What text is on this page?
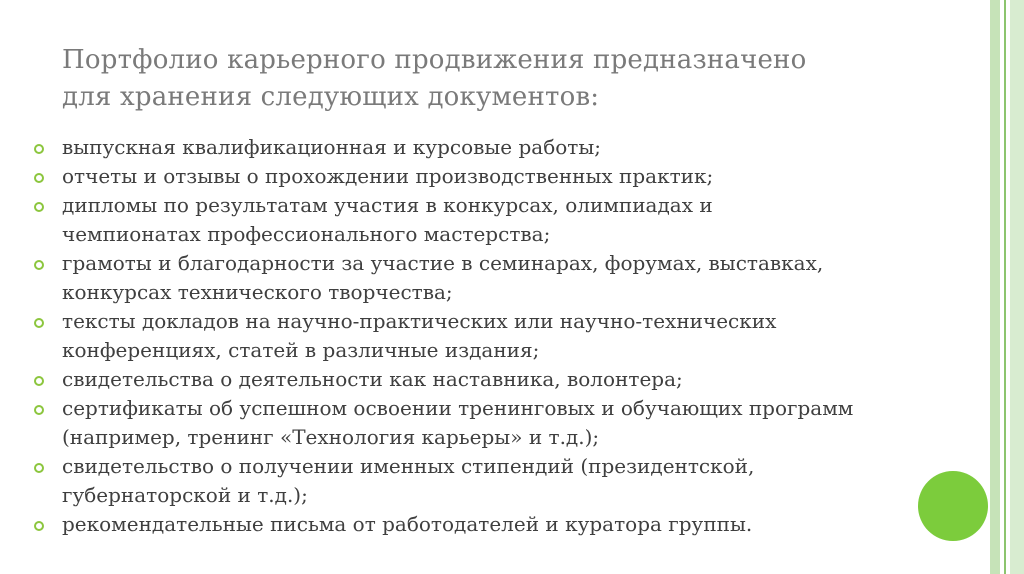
Портфолио карьерного продвижения предназначено
для хранения следующих документов:
выпускная квалификационная и курсовые работы;
отчеты и отзывы о прохождении производственных практик;
дипломы по результатам участия в конкурсах, олимпиадах и
чемпионатах профессионального мастерства;
грамоты и благодарности за участие в семинарах, форумах, выставках,
конкурсах технического творчества;
тексты докладов на научно-практических или научно-технических
конференциях, статей в различные издания;
свидетельства о деятельности как наставника, волонтера;
сертификаты об успешном освоении тренинговых и обучающих программ
(например, тренинг «Технология карьеры» и т.д.);
свидетельство о получении именных стипендий (президентской,
губернаторской и т.д.);
рекомендательные письма от работодателей и куратора группы.
